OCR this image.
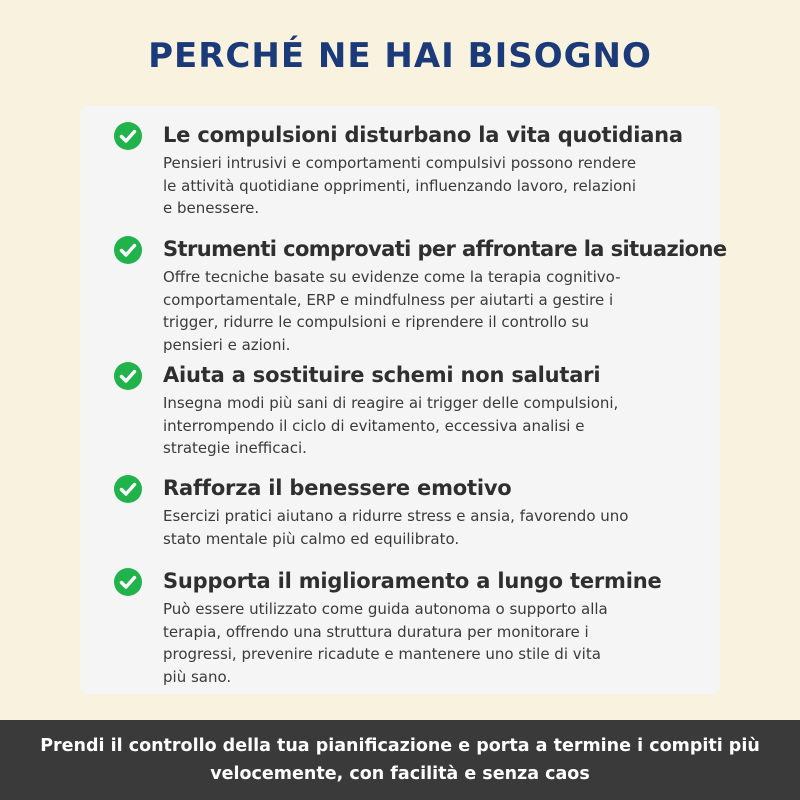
PERCHÉ NE HAI BISOGNO
Le compulsioni disturbano la vita quotidiana
Pensieri intrusivi e comportamenti compulsivi possono rendere
le attività quotidiane opprimenti, influenzando lavoro, relazioni
e benessere.
Strumenti comprovati per affrontare la situazione
Offre tecniche basate su evidenze come la terapia cognitivo-
comportamentale, ERP e mindfulness per aiutarti a gestire i
trigger, ridurre le compulsioni e riprendere il controllo su
pensieri e azioni.
Aiuta a sostituire schemi non salutari
Insegna modi più sani di reagire ai trigger delle compulsioni,
interrompendo il ciclo di evitamento, eccessiva analisi e
strategie inefficaci.
Rafforza il benessere emotivo
Esercizi pratici aiutano a ridurre stress e ansia, favorendo uno
stato mentale più calmo ed equilibrato.
Supporta il miglioramento a lungo termine
Può essere utilizzato come guida autonoma o supporto alla
terapia, offrendo una struttura duratura per monitorare i
progressi, prevenire ricadute e mantenere uno stile di vita
più sano.
Prendi il controllo della tua pianificazione e porta a termine i compiti più
velocemente, con facilità e senza caos
